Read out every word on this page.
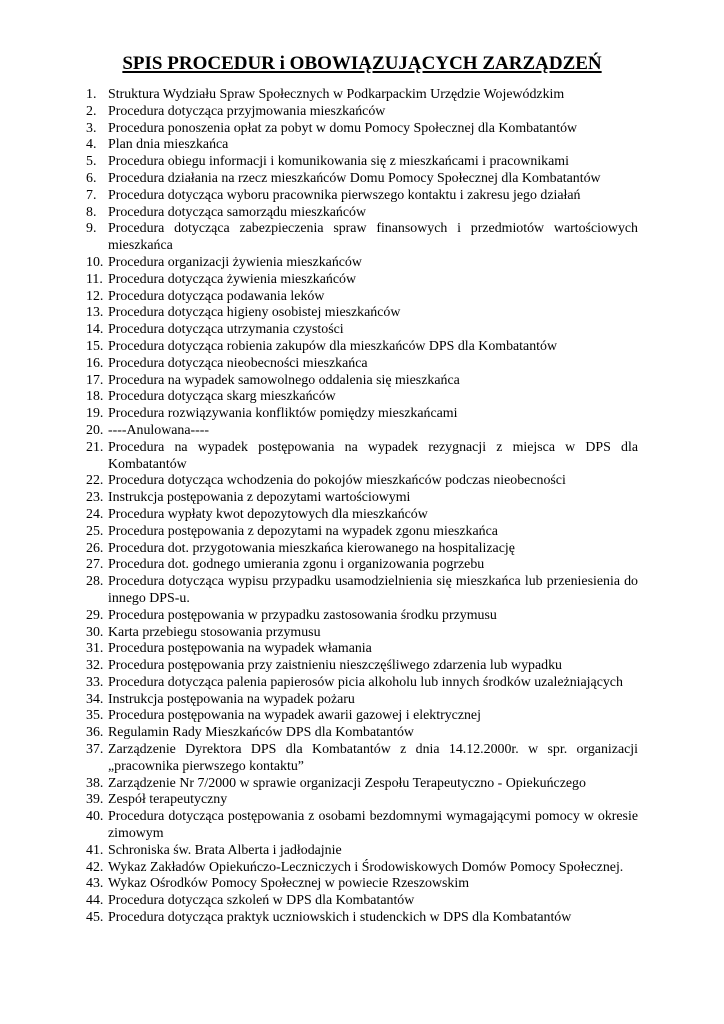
SPIS PROCEDUR i OBOWIĄZUJĄCYCH ZARZĄDZEŃ
1. Struktura Wydziału Spraw Społecznych w Podkarpackim Urzędzie Wojewódzkim
2. Procedura dotycząca przyjmowania mieszkańców
3. Procedura ponoszenia opłat za pobyt w domu Pomocy Społecznej dla Kombatantów
4. Plan dnia mieszkańca
5. Procedura obiegu informacji i komunikowania się z mieszkańcami i pracownikami
6. Procedura działania na rzecz mieszkańców Domu Pomocy Społecznej dla Kombatantów
7. Procedura dotycząca wyboru pracownika pierwszego kontaktu i zakresu jego działań
8. Procedura dotycząca samorządu mieszkańców
9. Procedura dotycząca zabezpieczenia spraw finansowych i przedmiotów wartościowych mieszkańca
10. Procedura organizacji żywienia mieszkańców
11. Procedura dotycząca żywienia mieszkańców
12. Procedura dotycząca podawania leków
13. Procedura dotycząca higieny osobistej mieszkańców
14. Procedura dotycząca utrzymania czystości
15. Procedura dotycząca robienia zakupów dla mieszkańców DPS dla Kombatantów
16. Procedura dotycząca nieobecności mieszkańca
17. Procedura na wypadek samowolnego oddalenia się mieszkańca
18. Procedura dotycząca skarg mieszkańców
19. Procedura rozwiązywania konfliktów pomiędzy mieszkańcami
20. ----Anulowana----
21. Procedura na wypadek postępowania na wypadek rezygnacji z miejsca w DPS dla Kombatantów
22. Procedura dotycząca wchodzenia do pokojów mieszkańców podczas nieobecności
23. Instrukcja postępowania z depozytami wartościowymi
24. Procedura wypłaty kwot depozytowych dla mieszkańców
25. Procedura postępowania z depozytami na wypadek zgonu mieszkańca
26. Procedura dot. przygotowania mieszkańca kierowanego na hospitalizację
27. Procedura dot. godnego umierania zgonu i organizowania pogrzebu
28. Procedura dotycząca wypisu przypadku usamodzielnienia się mieszkańca lub przeniesienia do innego DPS-u.
29. Procedura postępowania w przypadku zastosowania środku przymusu
30. Karta przebiegu stosowania przymusu
31. Procedura postępowania na wypadek włamania
32. Procedura postępowania przy zaistnieniu nieszczęśliwego zdarzenia lub wypadku
33. Procedura dotycząca palenia papierosów picia alkoholu lub innych środków uzależniających
34. Instrukcja postępowania na wypadek pożaru
35. Procedura postępowania na wypadek awarii gazowej i elektrycznej
36. Regulamin Rady Mieszkańców DPS dla Kombatantów
37. Zarządzenie Dyrektora DPS dla Kombatantów z dnia 14.12.2000r. w spr. organizacji „pracownika pierwszego kontaktu”
38. Zarządzenie Nr 7/2000 w sprawie organizacji Zespołu Terapeutyczno - Opiekuńczego
39. Zespół terapeutyczny
40. Procedura dotycząca postępowania z osobami bezdomnymi wymagającymi pomocy w okresie zimowym
41. Schroniska św. Brata Alberta i jadłodajnie
42. Wykaz Zakładów Opiekuńczo-Leczniczych i Środowiskowych Domów Pomocy Społecznej.
43. Wykaz Ośrodków Pomocy Społecznej w powiecie Rzeszowskim
44. Procedura dotycząca szkoleń w DPS dla Kombatantów
45. Procedura dotycząca praktyk uczniowskich i studenckich w DPS dla Kombatantów
